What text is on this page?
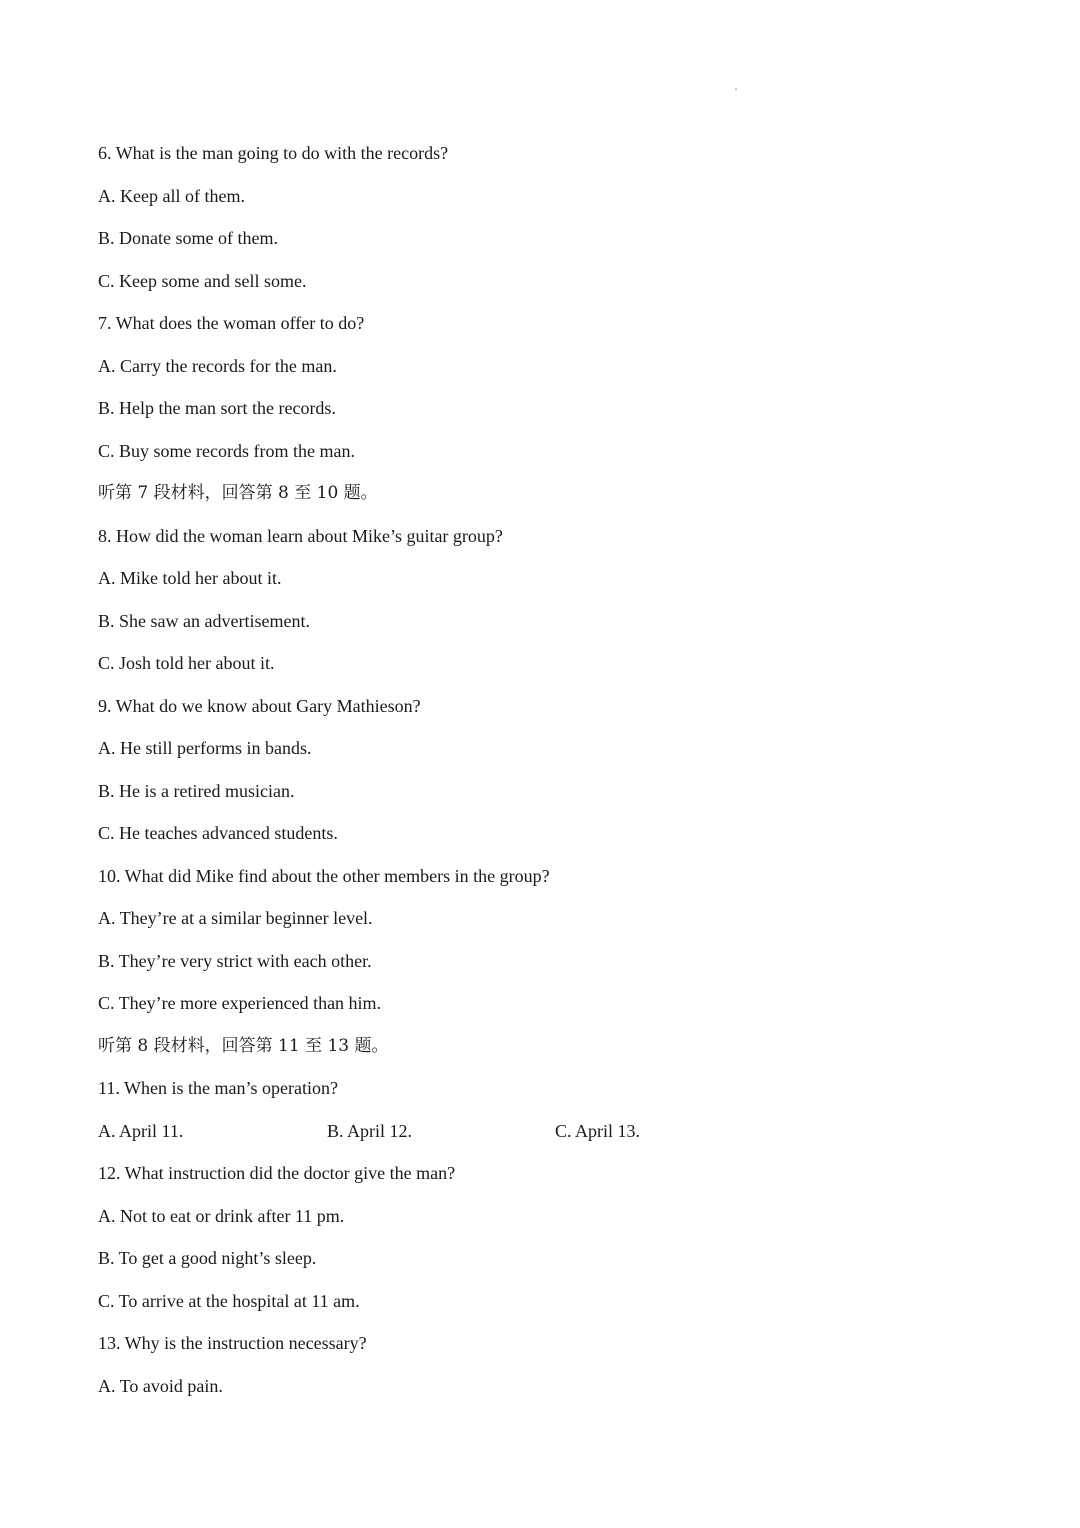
6. What is the man going to do with the records?
A. Keep all of them.
B. Donate some of them.
C. Keep some and sell some.
7. What does the woman offer to do?
A. Carry the records for the man.
B. Help the man sort the records.
C. Buy some records from the man.
听第 7 段材料，回答第 8 至 10 题。
8. How did the woman learn about Mike’s guitar group?
A. Mike told her about it.
B. She saw an advertisement.
C. Josh told her about it.
9. What do we know about Gary Mathieson?
A. He still performs in bands.
B. He is a retired musician.
C. He teaches advanced students.
10. What did Mike find about the other members in the group?
A. They’re at a similar beginner level.
B. They’re very strict with each other.
C. They’re more experienced than him.
听第 8 段材料，回答第 11 至 13 题。
11. When is the man’s operation?
A. April 11.	B. April 12.	C. April 13.
12. What instruction did the doctor give the man?
A. Not to eat or drink after 11 pm.
B. To get a good night’s sleep.
C. To arrive at the hospital at 11 am.
13. Why is the instruction necessary?
A. To avoid pain.
